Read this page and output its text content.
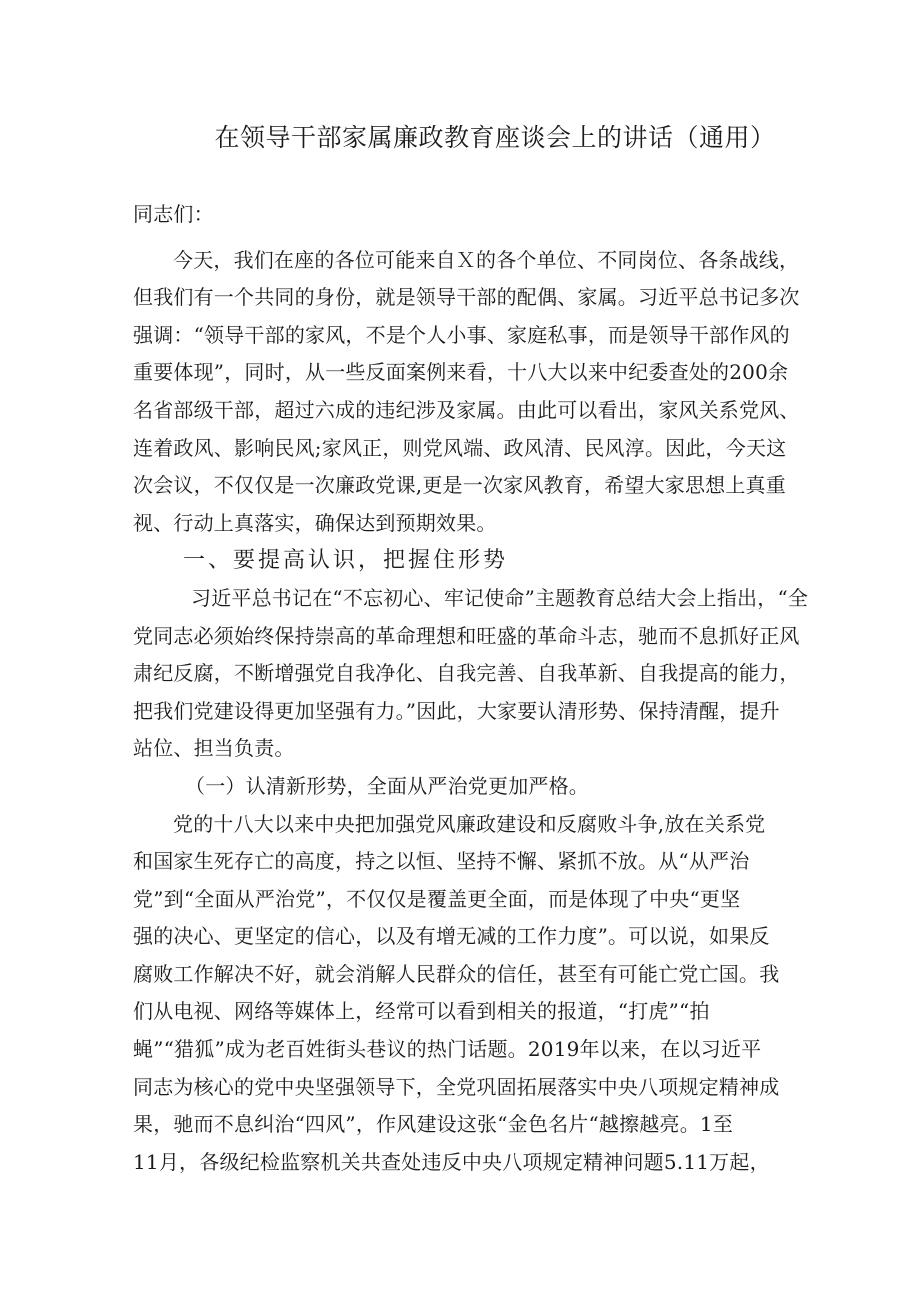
在领导干部家属廉政教育座谈会上的讲话（通用）
同志们：
今天，我们在座的各位可能来自Ｘ的各个单位、不同岗位、各条战线，
但我们有一个共同的身份，就是领导干部的配偶、家属。习近平总书记多次
强调：“领导干部的家风，不是个人小事、家庭私事，而是领导干部作风的
重要体现”，同时，从一些反面案例来看，十八大以来中纪委查处的200余
名省部级干部，超过六成的违纪涉及家属。由此可以看出，家风关系党风、
连着政风、影响民风;家风正，则党风端、政风清、民风淳。因此，今天这
次会议，不仅仅是一次廉政党课,更是一次家风教育，希望大家思想上真重
视、行动上真落实，确保达到预期效果。
一、要提高认识，把握住形势
习近平总书记在“不忘初心、牢记使命”主题教育总结大会上指出，“全
党同志必须始终保持崇高的革命理想和旺盛的革命斗志，驰而不息抓好正风
肃纪反腐，不断增强党自我净化、自我完善、自我革新、自我提高的能力，
把我们党建设得更加坚强有力。”因此，大家要认清形势、保持清醒，提升
站位、担当负责。
（一）认清新形势，全面从严治党更加严格。
党的十八大以来中央把加强党风廉政建设和反腐败斗争,放在关系党
和国家生死存亡的高度，持之以恒、坚持不懈、紧抓不放。从“从严治
党”到“全面从严治党”，不仅仅是覆盖更全面，而是体现了中央“更坚
强的决心、更坚定的信心，以及有增无减的工作力度”。可以说，如果反
腐败工作解决不好，就会消解人民群众的信任，甚至有可能亡党亡国。我
们从电视、网络等媒体上，经常可以看到相关的报道，“打虎”“拍
蝇”“猎狐”成为老百姓街头巷议的热门话题。2019年以来，在以习近平
同志为核心的党中央坚强领导下，全党巩固拓展落实中央八项规定精神成
果，驰而不息纠治“四风”，作风建设这张“金色名片“越擦越亮。1至
11月，各级纪检监察机关共查处违反中央八项规定精神问题5.11万起，
